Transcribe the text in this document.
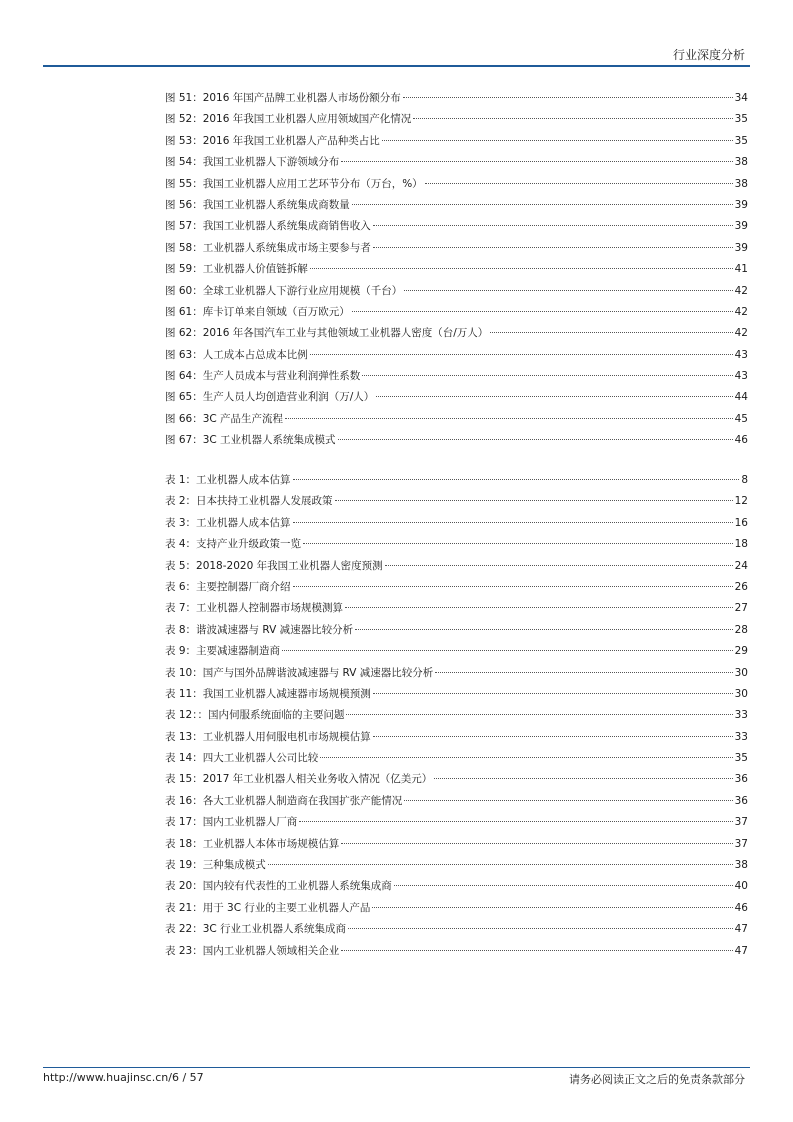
行业深度分析
图 51：2016 年国产品牌工业机器人市场份额分布	34
图 52：2016 年我国工业机器人应用领域国产化情况	35
图 53：2016 年我国工业机器人产品种类占比	35
图 54：我国工业机器人下游领域分布	38
图 55：我国工业机器人应用工艺环节分布（万台，%）	38
图 56：我国工业机器人系统集成商数量	39
图 57：我国工业机器人系统集成商销售收入	39
图 58：工业机器人系统集成市场主要参与者	39
图 59：工业机器人价值链拆解	41
图 60：全球工业机器人下游行业应用规模（千台）	42
图 61：库卡订单来自领域（百万欧元）	42
图 62：2016 年各国汽车工业与其他领域工业机器人密度（台/万人）	42
图 63：人工成本占总成本比例	43
图 64：生产人员成本与营业利润弹性系数	43
图 65：生产人员人均创造营业利润（万/人）	44
图 66：3C 产品生产流程	45
图 67：3C 工业机器人系统集成模式	46
表 1：工业机器人成本估算	8
表 2：日本扶持工业机器人发展政策	12
表 3：工业机器人成本估算	16
表 4：支持产业升级政策一览	18
表 5：2018-2020 年我国工业机器人密度预测	24
表 6：主要控制器厂商介绍	26
表 7：工业机器人控制器市场规模测算	27
表 8：谐波减速器与 RV 减速器比较分析	28
表 9：主要减速器制造商	29
表 10：国产与国外品牌谐波减速器与 RV 减速器比较分析	30
表 11：我国工业机器人减速器市场规模预测	30
表 12：：国内伺服系统面临的主要问题	33
表 13：工业机器人用伺服电机市场规模估算	33
表 14：四大工业机器人公司比较	35
表 15：2017 年工业机器人相关业务收入情况（亿美元）	36
表 16：各大工业机器人制造商在我国扩张产能情况	36
表 17：国内工业机器人厂商	37
表 18：工业机器人本体市场规模估算	37
表 19：三种集成模式	38
表 20：国内较有代表性的工业机器人系统集成商	40
表 21：用于 3C 行业的主要工业机器人产品	46
表 22：3C 行业工业机器人系统集成商	47
表 23：国内工业机器人领域相关企业	47
http://www.huajinsc.cn/6 / 57	请务必阅读正文之后的免责条款部分
